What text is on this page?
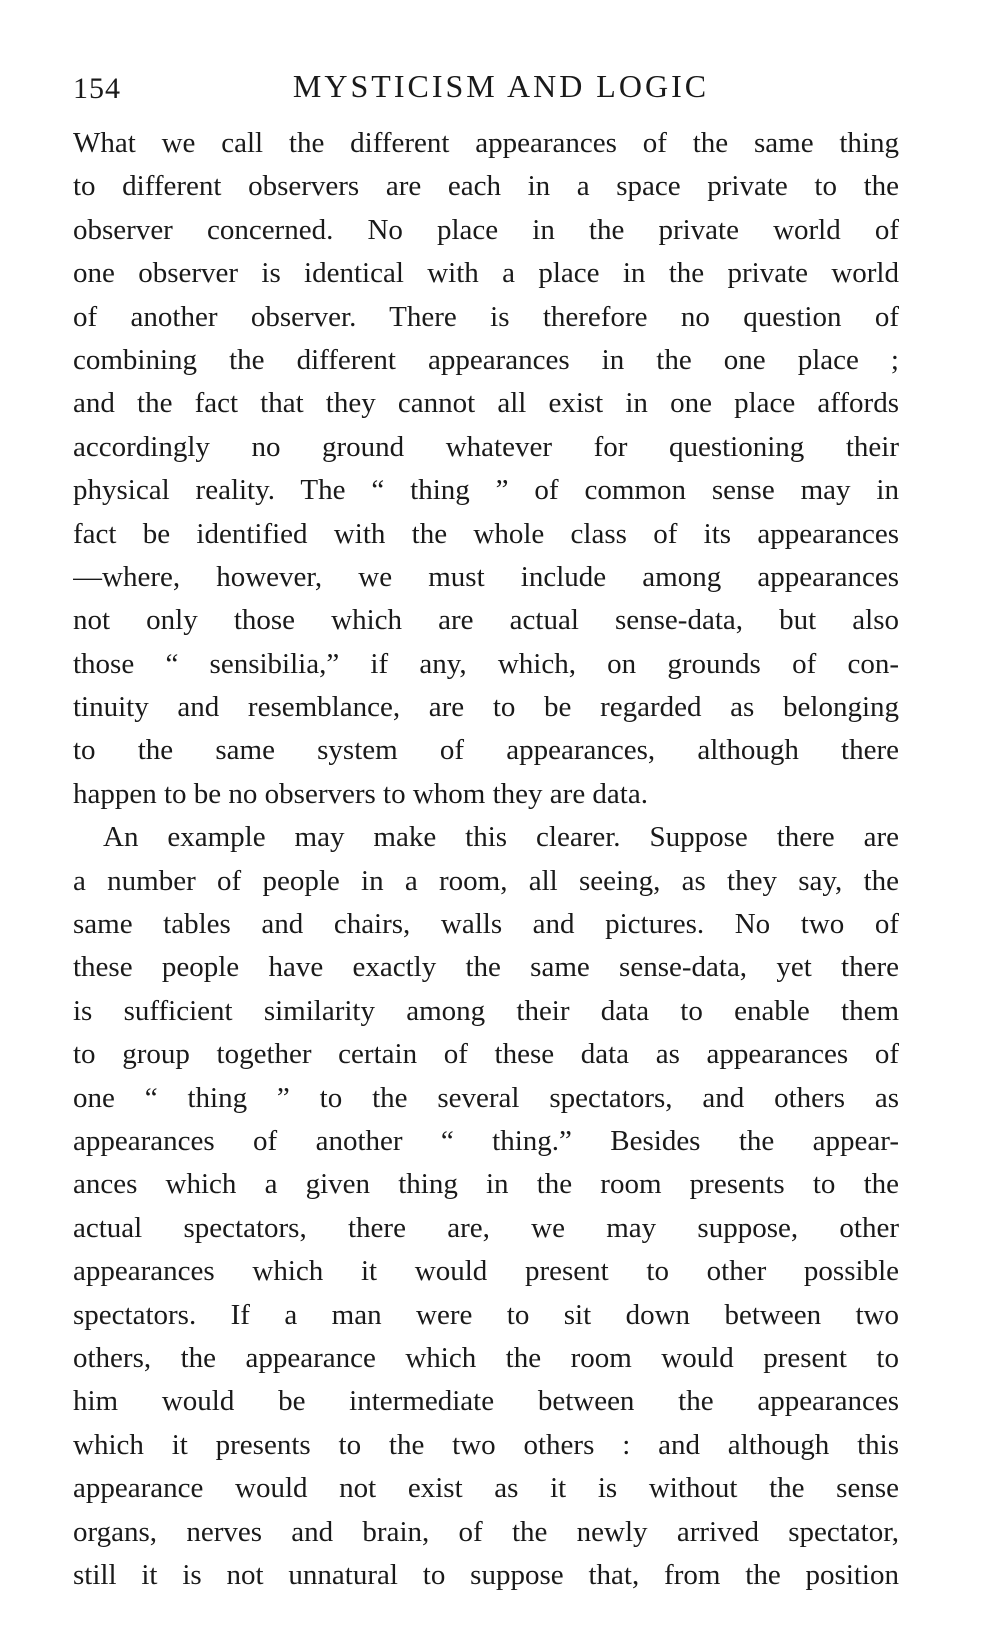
154	MYSTICISM AND LOGIC
What we call the different appearances of the same thing
to different observers are each in a space private to the
observer concerned. No place in the private world of
one observer is identical with a place in the private world
of another observer. There is therefore no question of
combining the different appearances in the one place ;
and the fact that they cannot all exist in one place affords
accordingly no ground whatever for questioning their
physical reality. The “ thing ” of common sense may in
fact be identified with the whole class of its appearances
—where, however, we must include among appearances
not only those which are actual sense-data, but also
those “ sensibilia,” if any, which, on grounds of con-
tinuity and resemblance, are to be regarded as belonging
to the same system of appearances, although there
happen to be no observers to whom they are data.
An example may make this clearer. Suppose there are
a number of people in a room, all seeing, as they say, the
same tables and chairs, walls and pictures. No two of
these people have exactly the same sense-data, yet there
is sufficient similarity among their data to enable them
to group together certain of these data as appearances of
one “ thing ” to the several spectators, and others as
appearances of another “ thing.” Besides the appear-
ances which a given thing in the room presents to the
actual spectators, there are, we may suppose, other
appearances which it would present to other possible
spectators. If a man were to sit down between two
others, the appearance which the room would present to
him would be intermediate between the appearances
which it presents to the two others : and although this
appearance would not exist as it is without the sense
organs, nerves and brain, of the newly arrived spectator,
still it is not unnatural to suppose that, from the position
